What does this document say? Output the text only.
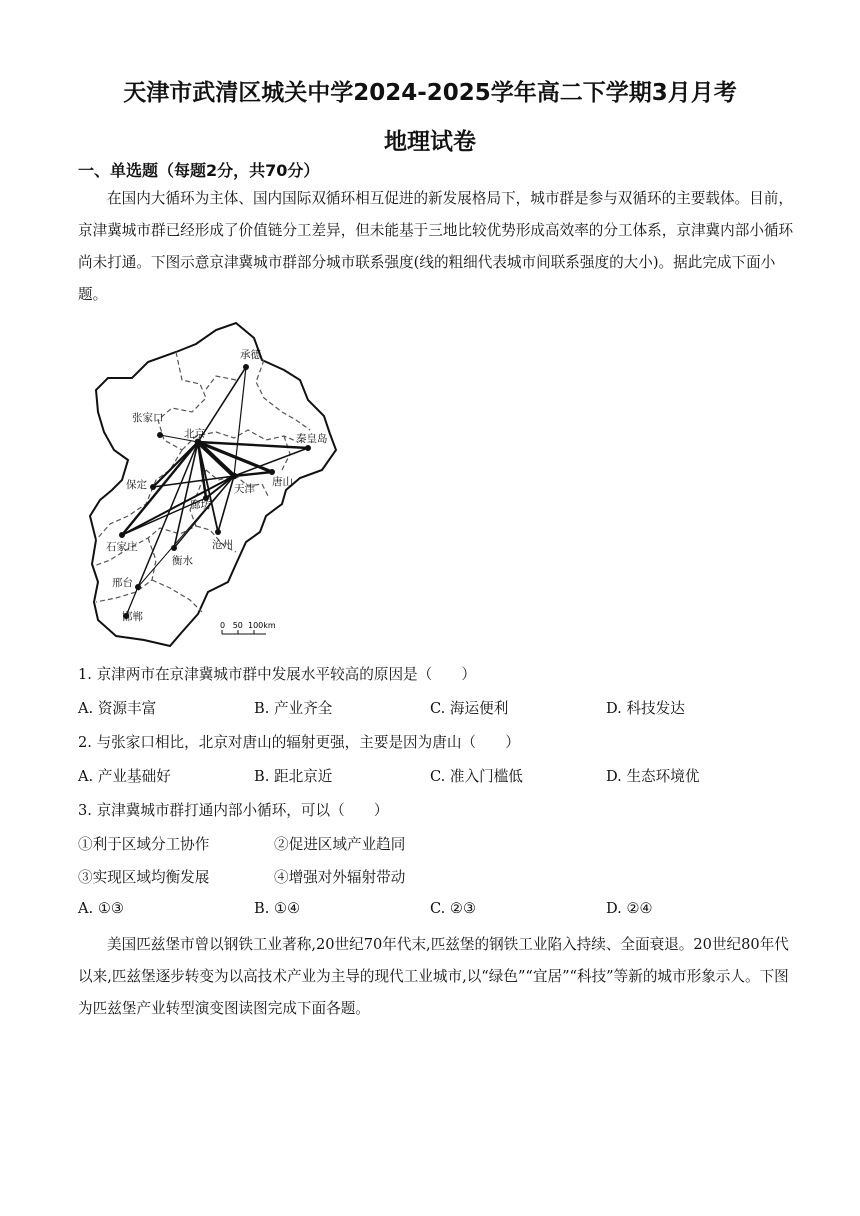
天津市武清区城关中学2024-2025学年高二下学期3月月考
地理试卷
一、单选题（每题2分，共70分）
在国内大循环为主体、国内国际双循环相互促进的新发展格局下，城市群是参与双循环的主要载体。目前，京津冀城市群已经形成了价值链分工差异，但未能基于三地比较优势形成高效率的分工体系，京津冀内部小循环尚未打通。下图示意京津冀城市群部分城市联系强度(线的粗细代表城市间联系强度的大小)。据此完成下面小题。
承德
张家口
北京	秦皇岛
保定	天津
唐山
廊坊
石家庄	沧州
衡水
邢台
邯郸
0   50  100km
1. 京津两市在京津冀城市群中发展水平较高的原因是（　　）
A. 资源丰富	B. 产业齐全	C. 海运便利	D. 科技发达
2. 与张家口相比，北京对唐山的辐射更强，主要是因为唐山（　　）
A. 产业基础好	B. 距北京近	C. 准入门槛低	D. 生态环境优
3. 京津冀城市群打通内部小循环，可以（　　）
①利于区域分工协作	②促进区域产业趋同
③实现区域均衡发展	④增强对外辐射带动
A. ①③	B. ①④	C. ②③	D. ②④
美国匹兹堡市曾以钢铁工业著称,20世纪70年代末,匹兹堡的钢铁工业陷入持续、全面衰退。20世纪80年代以来,匹兹堡逐步转变为以高技术产业为主导的现代工业城市,以“绿色”“宜居”“科技”等新的城市形象示人。下图为匹兹堡产业转型演变图读图完成下面各题。
